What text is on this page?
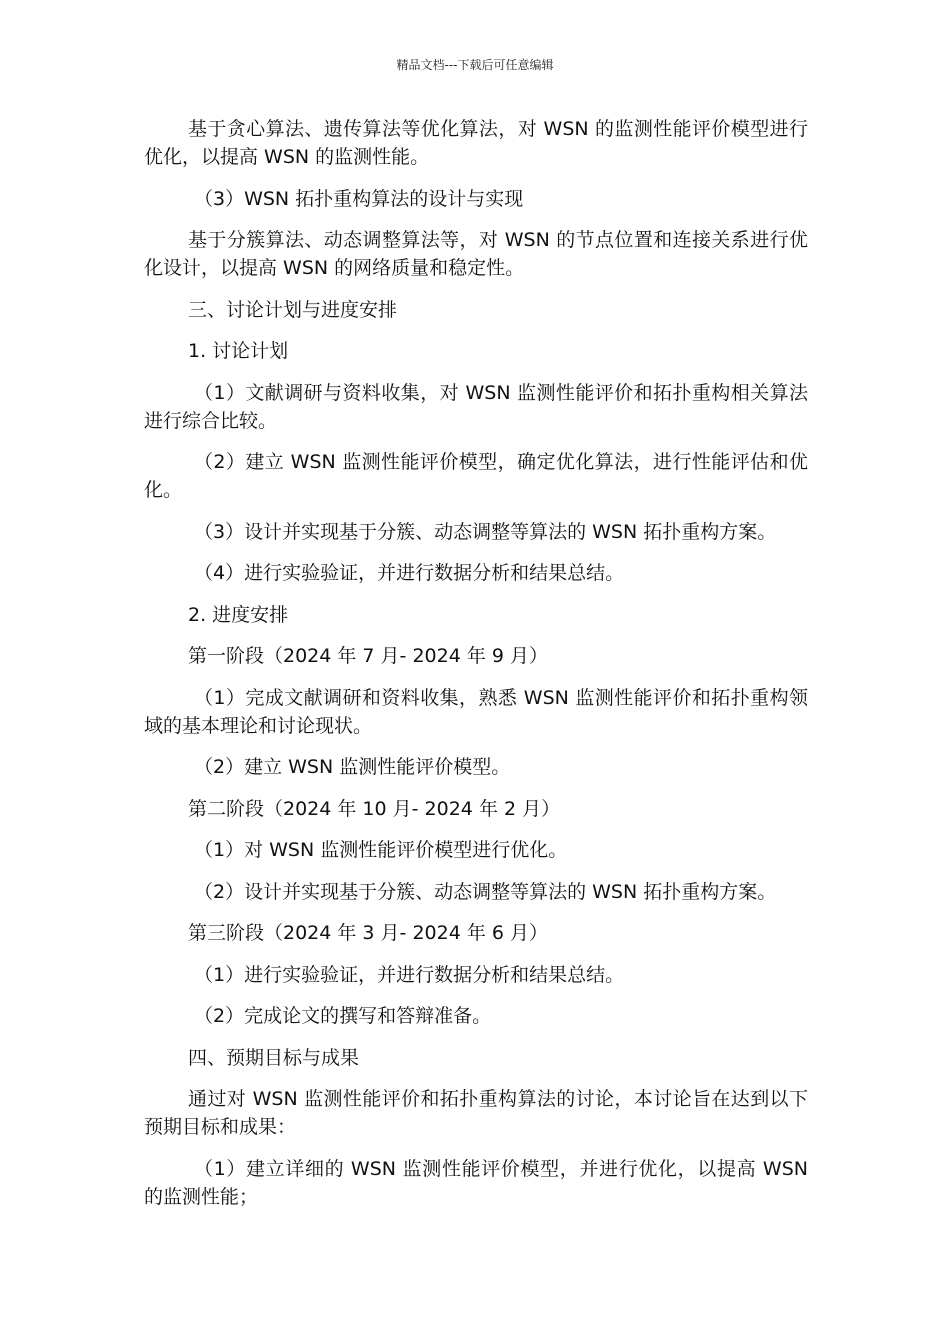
精品文档---下载后可任意编辑

基于贪心算法、遗传算法等优化算法，对 WSN 的监测性能评价模型进行优化，以提高 WSN 的监测性能。

（3）WSN 拓扑重构算法的设计与实现

基于分簇算法、动态调整算法等，对 WSN 的节点位置和连接关系进行优化设计，以提高 WSN 的网络质量和稳定性。

三、讨论计划与进度安排

1. 讨论计划

（1）文献调研与资料收集，对 WSN 监测性能评价和拓扑重构相关算法进行综合比较。

（2）建立 WSN 监测性能评价模型，确定优化算法，进行性能评估和优化。

（3）设计并实现基于分簇、动态调整等算法的 WSN 拓扑重构方案。

（4）进行实验验证，并进行数据分析和结果总结。

2. 进度安排

第一阶段（2024 年 7 月- 2024 年 9 月）

（1）完成文献调研和资料收集，熟悉 WSN 监测性能评价和拓扑重构领域的基本理论和讨论现状。

（2）建立 WSN 监测性能评价模型。

第二阶段（2024 年 10 月- 2024 年 2 月）

（1）对 WSN 监测性能评价模型进行优化。

（2）设计并实现基于分簇、动态调整等算法的 WSN 拓扑重构方案。

第三阶段（2024 年 3 月- 2024 年 6 月）

（1）进行实验验证，并进行数据分析和结果总结。

（2）完成论文的撰写和答辩准备。

四、预期目标与成果

通过对 WSN 监测性能评价和拓扑重构算法的讨论，本讨论旨在达到以下预期目标和成果：

（1）建立详细的 WSN 监测性能评价模型，并进行优化，以提高 WSN 的监测性能；
